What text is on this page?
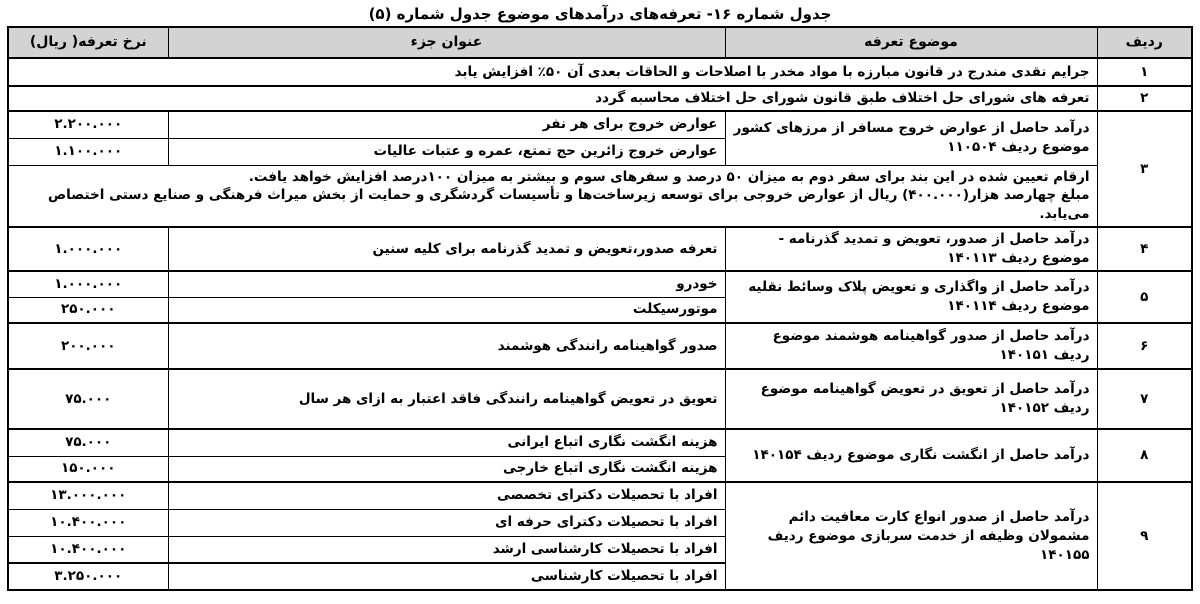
جدول شماره ۱۶- تعرفه‌های درآمدهای موضوع جدول شماره (۵)
ردیف	موضوع تعرفه	عنوان جزء	نرخ تعرفه( ریال)
۱	جرایم نقدی مندرج در قانون مبارزه با مواد مخدر با اصلاحات و الحاقات بعدی آن ۵۰٪ افزایش یابد		
۲	تعرفه های شورای حل اختلاف طبق قانون شورای حل اختلاف محاسبه گردد		
۳	درآمد حاصل از عوارض خروج مسافر از مرزهای کشور موضوع ردیف ۱۱۰۵۰۴	عوارض خروج برای هر نفر	۲.۲۰۰.۰۰۰
		عوارض خروج زائرین حج تمتع، عمره و عتبات عالیات	۱.۱۰۰.۰۰۰

	ارقام تعیین شده در این بند برای سفر دوم به میزان ۵۰ درصد و سفرهای سوم و بیشتر به میزان ۱۰۰درصد افزایش خواهد یافت.
مبلغ چهارصد هزار(۴۰۰.۰۰۰) ریال از عوارض خروجی برای توسعه زیرساخت‌ها و تأسیسات گردشگری و حمایت از بخش میراث فرهنگی و صنایع دستی اختصاص می‌یابد.		

۴	درآمد حاصل از صدور، تعویض و تمدید گذرنامه - موضوع ردیف ۱۴۰۱۱۳	تعرفه صدور،تعویض و تمدید گذرنامه برای کلیه سنین	۱.۰۰۰.۰۰۰
۵	درآمد حاصل از واگذاری و تعویض پلاک وسائط نقلیه موضوع ردیف ۱۴۰۱۱۴	خودرو	۱.۰۰۰.۰۰۰
		موتورسیکلت	۲۵۰.۰۰۰
۶	درآمد حاصل از صدور گواهینامه هوشمند موضوع ردیف ۱۴۰۱۵۱	صدور گواهینامه رانندگی هوشمند	۲۰۰.۰۰۰
۷	درآمد حاصل از تعویق در تعویض گواهینامه موضوع ردیف ۱۴۰۱۵۲	تعویق در تعویض گواهینامه رانندگی فاقد اعتبار به ازای هر سال	۷۵.۰۰۰
۸	درآمد حاصل از انگشت نگاری موضوع ردیف ۱۴۰۱۵۴	هزینه انگشت نگاری اتباع ایرانی	۷۵.۰۰۰
		هزینه انگشت نگاری اتباع خارجی	۱۵۰.۰۰۰
۹	درآمد حاصل از صدور انواع کارت معافیت دائم مشمولان وظیفه از خدمت سربازی موضوع ردیف ۱۴۰۱۵۵	افراد با تحصیلات دکترای تخصصی	۱۳.۰۰۰.۰۰۰
		افراد با تحصیلات دکترای حرفه ای	۱۰.۴۰۰.۰۰۰
		افراد با تحصیلات کارشناسی ارشد	۱۰.۴۰۰.۰۰۰
		افراد با تحصیلات کارشناسی	۳.۲۵۰.۰۰۰
